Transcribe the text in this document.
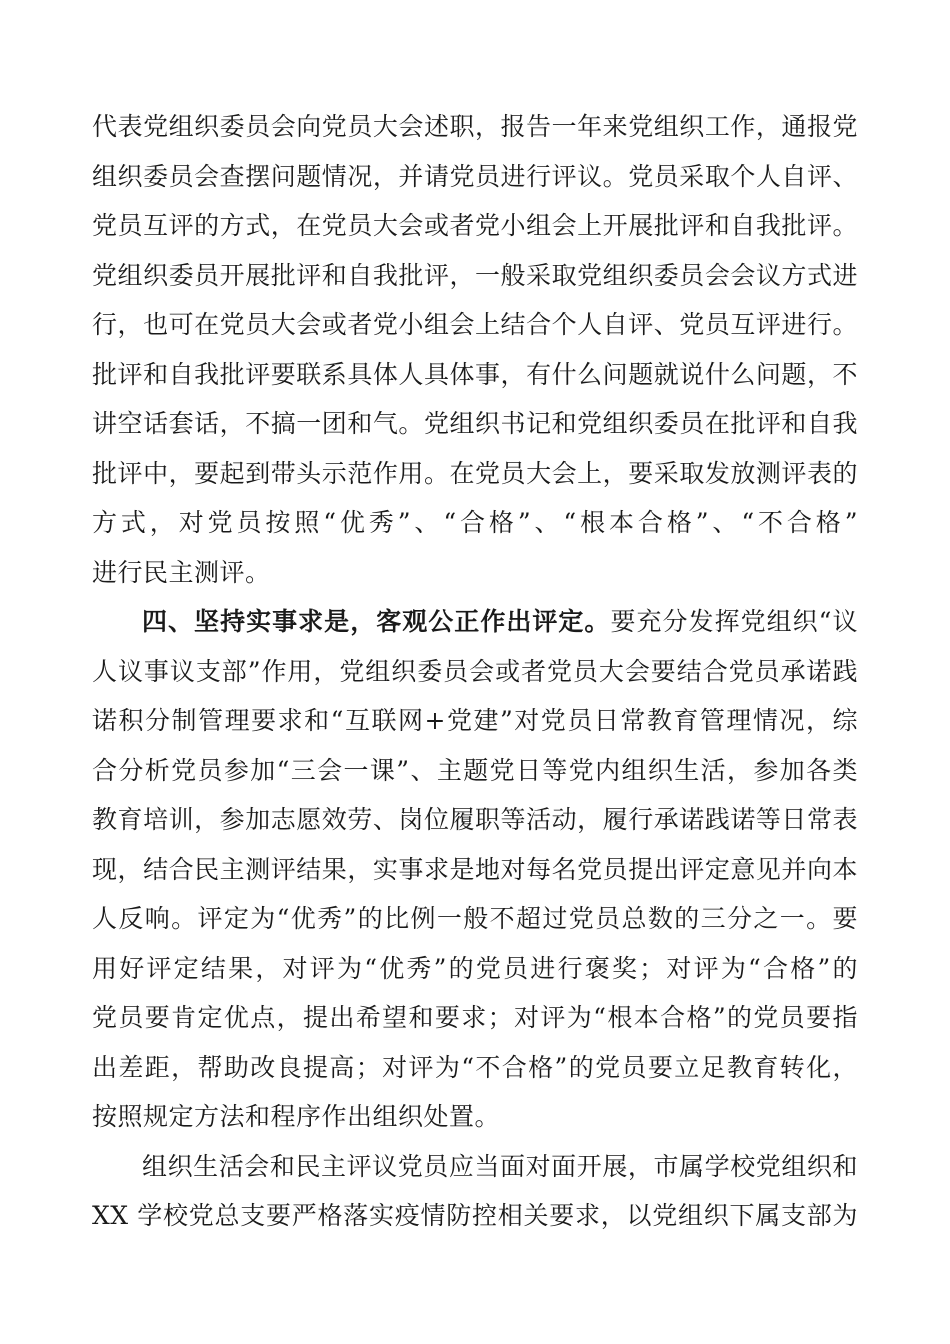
代表党组织委员会向党员大会述职，报告一年来党组织工作，通报党
组织委员会查摆问题情况，并请党员进行评议。党员采取个人自评、
党员互评的方式，在党员大会或者党小组会上开展批评和自我批评。
党组织委员开展批评和自我批评，一般采取党组织委员会会议方式进
行，也可在党员大会或者党小组会上结合个人自评、党员互评进行。
批评和自我批评要联系具体人具体事，有什么问题就说什么问题，不
讲空话套话，不搞一团和气。党组织书记和党组织委员在批评和自我
批评中，要起到带头示范作用。在党员大会上，要采取发放测评表的
方式，对党员按照“优秀”、“合格”、“根本合格”、“不合格”
进行民主测评。
四、坚持实事求是，客观公正作出评定。要充分发挥党组织“议
人议事议支部”作用，党组织委员会或者党员大会要结合党员承诺践
诺积分制管理要求和“互联网+党建”对党员日常教育管理情况，综
合分析党员参加“三会一课”、主题党日等党内组织生活，参加各类
教育培训，参加志愿效劳、岗位履职等活动，履行承诺践诺等日常表
现，结合民主测评结果，实事求是地对每名党员提出评定意见并向本
人反响。评定为“优秀”的比例一般不超过党员总数的三分之一。要
用好评定结果，对评为“优秀”的党员进行褒奖；对评为“合格”的
党员要肯定优点，提出希望和要求；对评为“根本合格”的党员要指
出差距，帮助改良提高；对评为“不合格”的党员要立足教育转化，
按照规定方法和程序作出组织处置。
组织生活会和民主评议党员应当面对面开展，市属学校党组织和
XX 学校党总支要严格落实疫情防控相关要求，以党组织下属支部为
